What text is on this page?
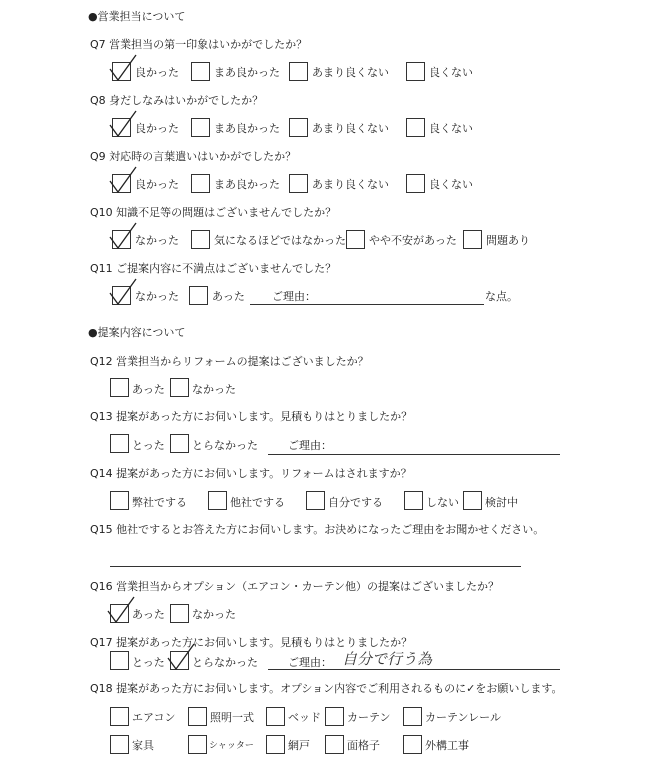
●営業担当について
Q7 営業担当の第一印象はいかがでしたか？
良かった	まあ良かった	あまり良くない	良くない
Q8 身だしなみはいかがでしたか？
良かった	まあ良かった	あまり良くない	良くない
Q9 対応時の言葉遣いはいかがでしたか？
良かった	まあ良かった	あまり良くない	良くない
Q10 知識不足等の問題はございませんでしたか？
なかった	気になるほどではなかった やや不安があった	問題あり
Q11 ご提案内容に不満点はございませんでした？
なかった	あった ご理由：	な点。
●提案内容について
Q12 営業担当からリフォームの提案はございましたか？
あった なかった
Q13 提案があった方にお伺いします。見積もりはとりましたか？
とった とらなかった	ご理由：
Q14 提案があった方にお伺いします。リフォームはされますか？
弊社でする	他社でする	自分でする	しない 検討中
Q15 他社でするとお答えた方にお伺いします。お決めになったご理由をお聞かせください。
Q16 営業担当からオプション（エアコン・カーテン他）の提案はございましたか？
あった なかった
Q17 提案があった方にお伺いします。見積もりはとりましたか？
とった とらなかった	ご理由： 自分で行う為
Q18 提案があった方にお伺いします。オプション内容でご利用されるものに✓をお願いします。
エアコン	照明一式	ベッド カーテン	カーテンレール
家具	シャッター	網戸	面格子	外構工事
